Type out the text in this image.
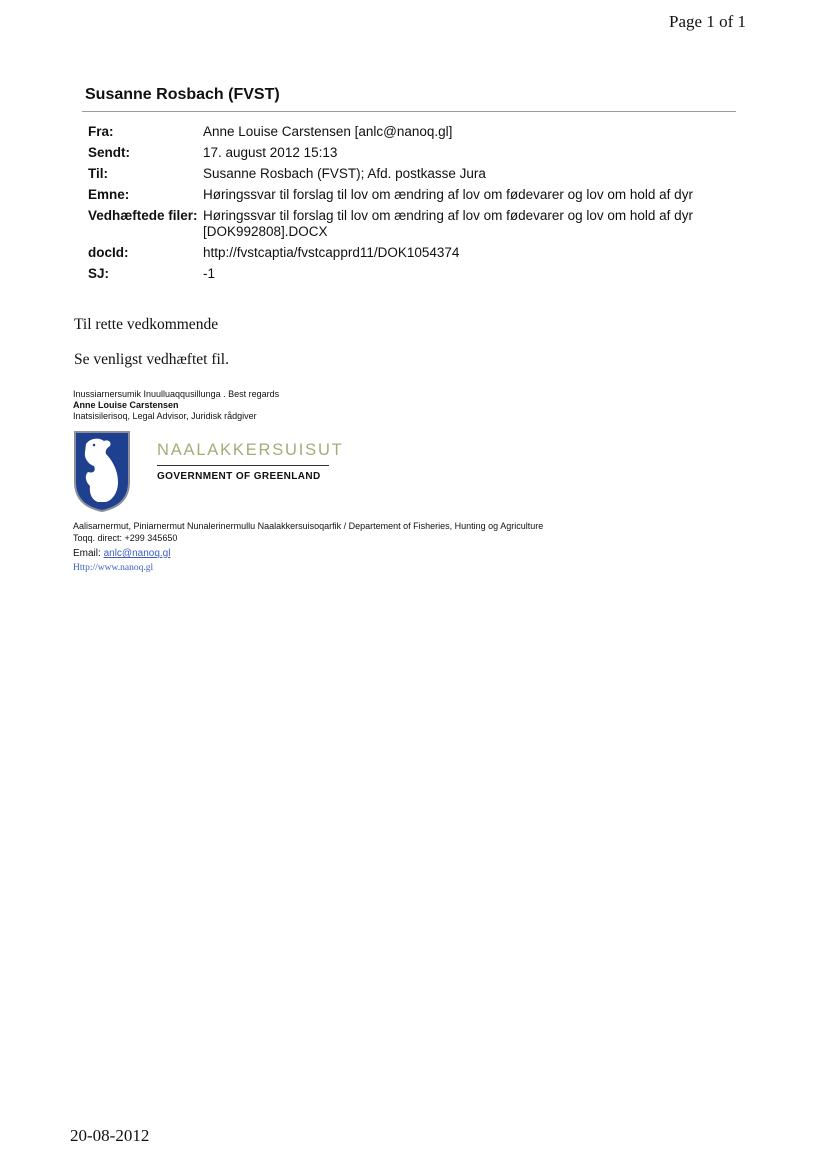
Page 1 of 1
Susanne Rosbach (FVST)
Fra:	Anne Louise Carstensen [anlc@nanoq.gl]
Sendt:	17. august 2012 15:13
Til:	Susanne Rosbach (FVST); Afd. postkasse Jura
Emne:	Høringssvar til forslag til lov om ændring af lov om fødevarer og lov om hold af dyr
Vedhæftede filer:	Høringssvar til forslag til lov om ændring af lov om fødevarer og lov om hold af dyr [DOK992808].DOCX
docId:	http://fvstcaptia/fvstcapprd11/DOK1054374
SJ:	-1
Til rette vedkommende
Se venligst vedhæftet fil.
Inussiarnersumik Inuulluaqqusillunga . Best regards
Anne Louise Carstensen
Inatsisilerisoq, Legal Advisor, Juridisk rådgiver
NAALAKKERSUISUT
GOVERNMENT OF GREENLAND
Aalisarnermut, Piniarnermut Nunalerinermullu Naalakkersuisoqarfik / Departement of Fisheries, Hunting og Agriculture
Toqq. direct: +299 345650
Email: anlc@nanoq.gl
Http://www.nanoq.gl
20-08-2012
